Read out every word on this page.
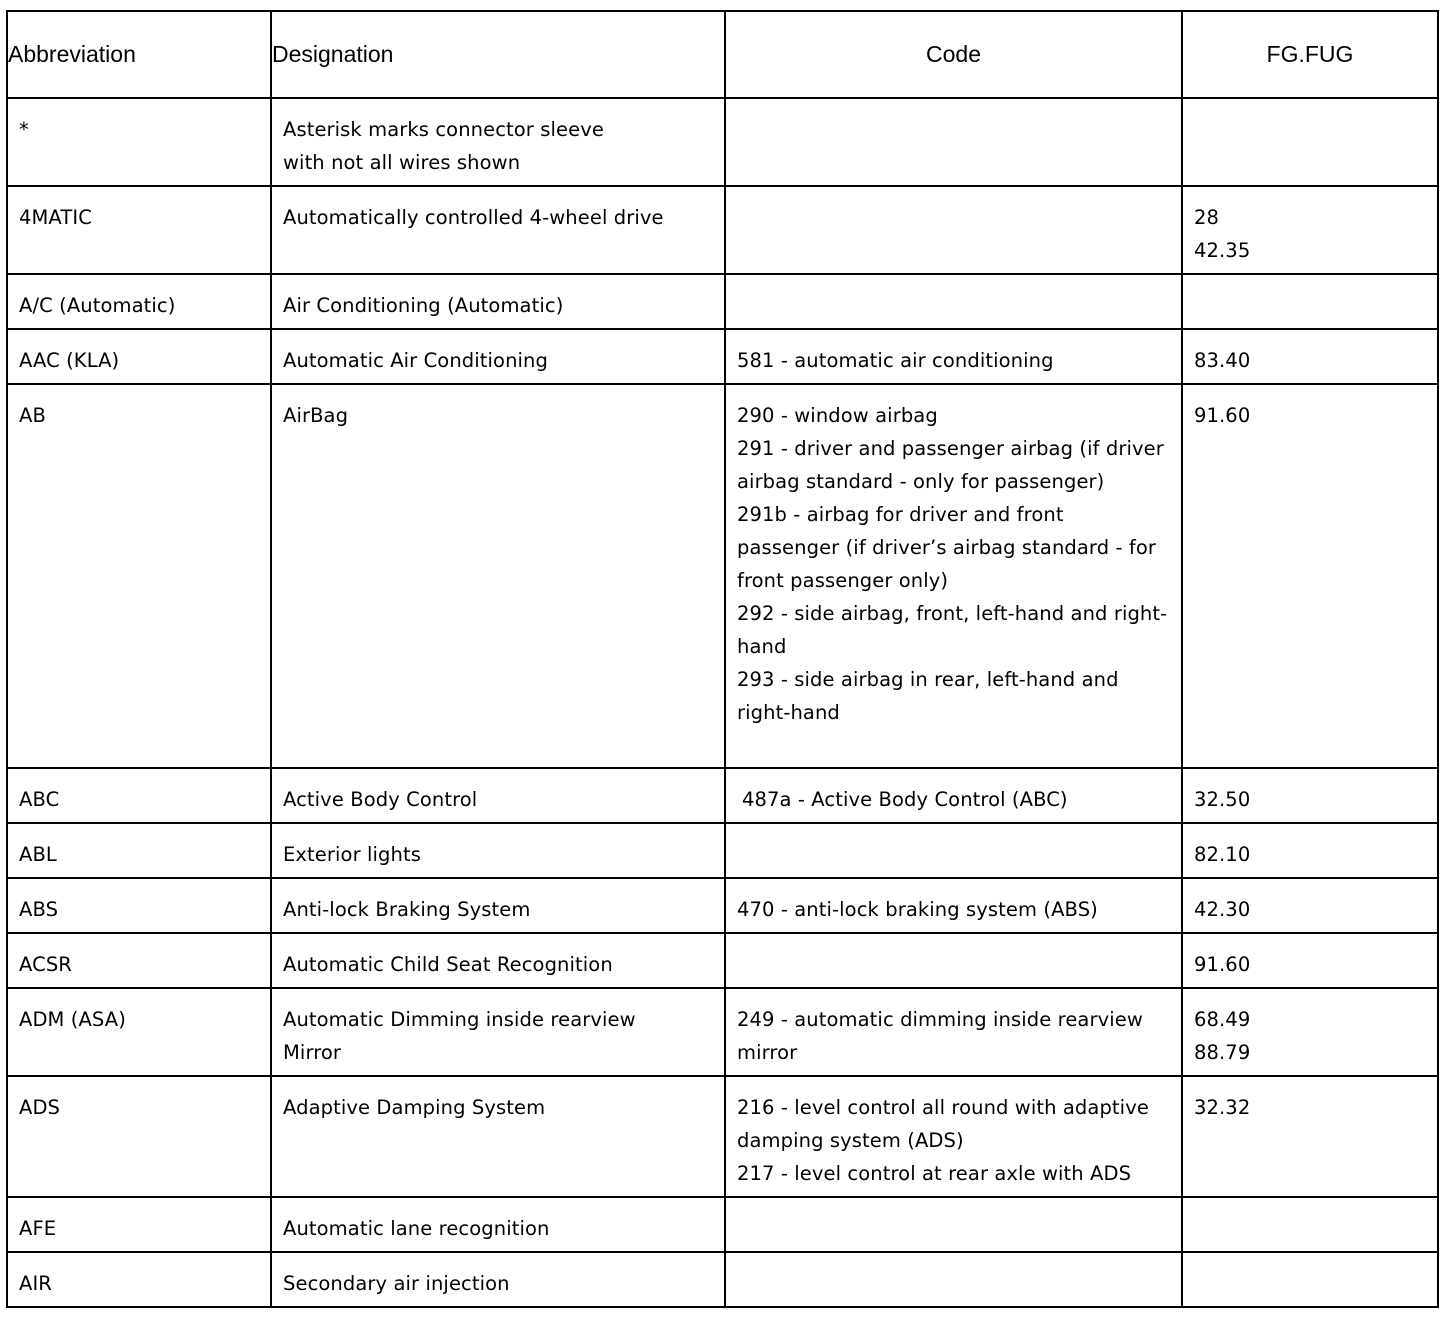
Abbreviation	Designation	Code	FG.FUG

*	Asterisk marks connector sleeve
with not all wires shown		

4MATIC	Automatically controlled 4-wheel drive		28
42.35

A/C (Automatic)	Air Conditioning (Automatic)		

AAC (KLA)	Automatic Air Conditioning	581 - automatic air conditioning	83.40

AB	AirBag	290 - window airbag
291 - driver and passenger airbag (if driver airbag standard - only for passenger)
291b - airbag for driver and front passenger (if driver’s airbag standard - for front passenger only)
292 - side airbag, front, left-hand and right-hand
293 - side airbag in rear, left-hand and right-hand	91.60

ABC	Active Body Control	487a - Active Body Control (ABC)	32.50

ABL	Exterior lights		82.10

ABS	Anti-lock Braking System	470 - anti-lock braking system (ABS)	42.30

ACSR	Automatic Child Seat Recognition		91.60

ADM (ASA)	Automatic Dimming inside rearview
Mirror	249 - automatic dimming inside rearview mirror	68.49
88.79

ADS	Adaptive Damping System	216 - level control all round with adaptive damping system (ADS)
217 - level control at rear axle with ADS	32.32

AFE	Automatic lane recognition		

AIR	Secondary air injection		
